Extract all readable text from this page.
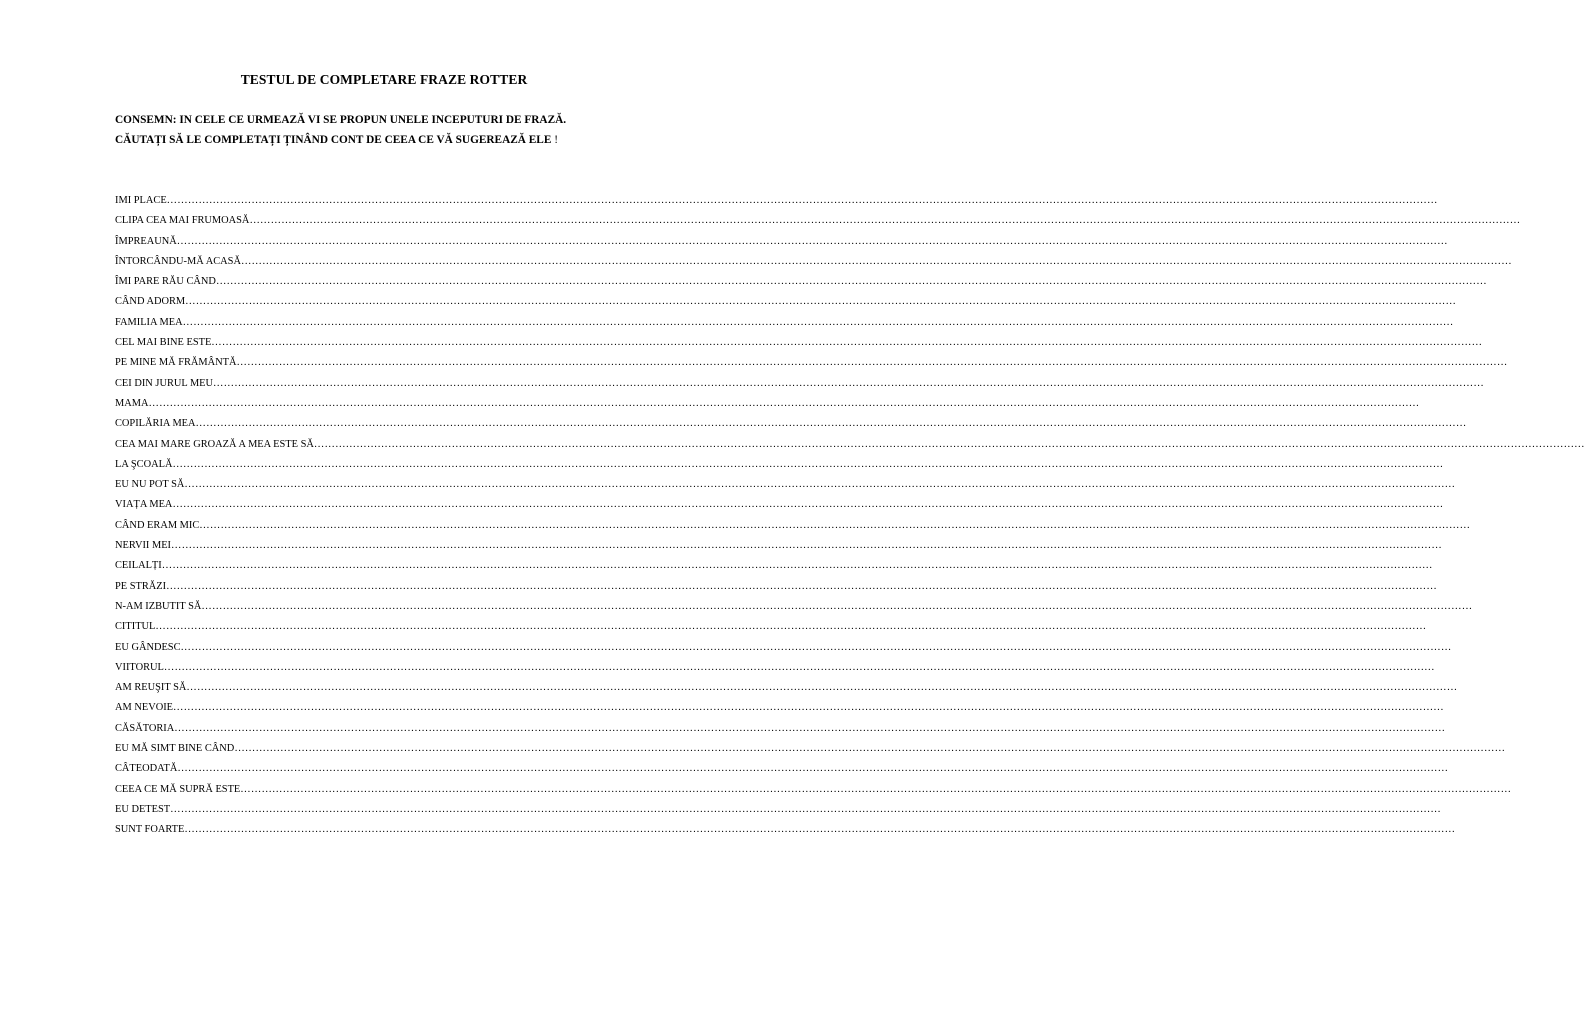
TESTUL DE COMPLETARE FRAZE ROTTER
CONSEMN: IN CELE CE URMEAZĂ VI SE PROPUN UNELE INCEPUTURI DE FRAZĂ.
CĂUTAȚI SĂ LE COMPLETAȚI ȚINÂND CONT DE CEEA CE VĂ SUGEREAZĂ ELE !
IMI PLACE ………………………………………………………………………………………………………………………………………………………………………………………………………………………………………………………………………………………………………………………………
CLIPA CEA MAI FRUMOASĂ ………………………………………………………………………………………………………………………………………………………………………………………………………………………………………………………………………………………………………………………………
ÎMPREAUNĂ ………………………………………………………………………………………………………………………………………………………………………………………………………………………………………………………………………………………………………………………………
ÎNTORCÂNDU-MĂ ACASĂ ………………………………………………………………………………………………………………………………………………………………………………………………………………………………………………………………………………………………………………………………
ÎMI PARE RĂU CÂND ………………………………………………………………………………………………………………………………………………………………………………………………………………………………………………………………………………………………………………………………
CÂND ADORM ………………………………………………………………………………………………………………………………………………………………………………………………………………………………………………………………………………………………………………………………
FAMILIA MEA ………………………………………………………………………………………………………………………………………………………………………………………………………………………………………………………………………………………………………………………………
CEL MAI BINE ESTE ………………………………………………………………………………………………………………………………………………………………………………………………………………………………………………………………………………………………………………………………
PE MINE MĂ FRĂMÂNTĂ ………………………………………………………………………………………………………………………………………………………………………………………………………………………………………………………………………………………………………………………………
CEI DIN JURUL MEU ………………………………………………………………………………………………………………………………………………………………………………………………………………………………………………………………………………………………………………………………
MAMA ………………………………………………………………………………………………………………………………………………………………………………………………………………………………………………………………………………………………………………………………
COPILĂRIA MEA ………………………………………………………………………………………………………………………………………………………………………………………………………………………………………………………………………………………………………………………………
CEA MAI MARE GROAZĂ A MEA ESTE SĂ ………………………………………………………………………………………………………………………………………………………………………………………………………………………………………………………………………………………………………………………………
LA ŞCOALĂ ………………………………………………………………………………………………………………………………………………………………………………………………………………………………………………………………………………………………………………………………
EU NU POT SĂ ………………………………………………………………………………………………………………………………………………………………………………………………………………………………………………………………………………………………………………………………
VIAȚA MEA ………………………………………………………………………………………………………………………………………………………………………………………………………………………………………………………………………………………………………………………………
CÂND ERAM MIC ………………………………………………………………………………………………………………………………………………………………………………………………………………………………………………………………………………………………………………………………
NERVII MEI ………………………………………………………………………………………………………………………………………………………………………………………………………………………………………………………………………………………………………………………………
CEILALȚI ………………………………………………………………………………………………………………………………………………………………………………………………………………………………………………………………………………………………………………………………
PE STRĂZI ………………………………………………………………………………………………………………………………………………………………………………………………………………………………………………………………………………………………………………………………
N-AM IZBUTIT SĂ ………………………………………………………………………………………………………………………………………………………………………………………………………………………………………………………………………………………………………………………………
CITITUL ………………………………………………………………………………………………………………………………………………………………………………………………………………………………………………………………………………………………………………………………
EU GÂNDESC ………………………………………………………………………………………………………………………………………………………………………………………………………………………………………………………………………………………………………………………………
VIITORUL ………………………………………………………………………………………………………………………………………………………………………………………………………………………………………………………………………………………………………………………………
AM REUŞIT SĂ ………………………………………………………………………………………………………………………………………………………………………………………………………………………………………………………………………………………………………………………………
AM NEVOIE ………………………………………………………………………………………………………………………………………………………………………………………………………………………………………………………………………………………………………………………………
CĂSĂTORIA ………………………………………………………………………………………………………………………………………………………………………………………………………………………………………………………………………………………………………………………………
EU MĂ SIMT BINE CÂND ………………………………………………………………………………………………………………………………………………………………………………………………………………………………………………………………………………………………………………………………
CÂTEODATĂ ………………………………………………………………………………………………………………………………………………………………………………………………………………………………………………………………………………………………………………………………
CEEA CE MĂ SUPRĂ ESTE ………………………………………………………………………………………………………………………………………………………………………………………………………………………………………………………………………………………………………………………………
EU DETEST ………………………………………………………………………………………………………………………………………………………………………………………………………………………………………………………………………………………………………………………………
SUNT FOARTE ………………………………………………………………………………………………………………………………………………………………………………………………………………………………………………………………………………………………………………………………
